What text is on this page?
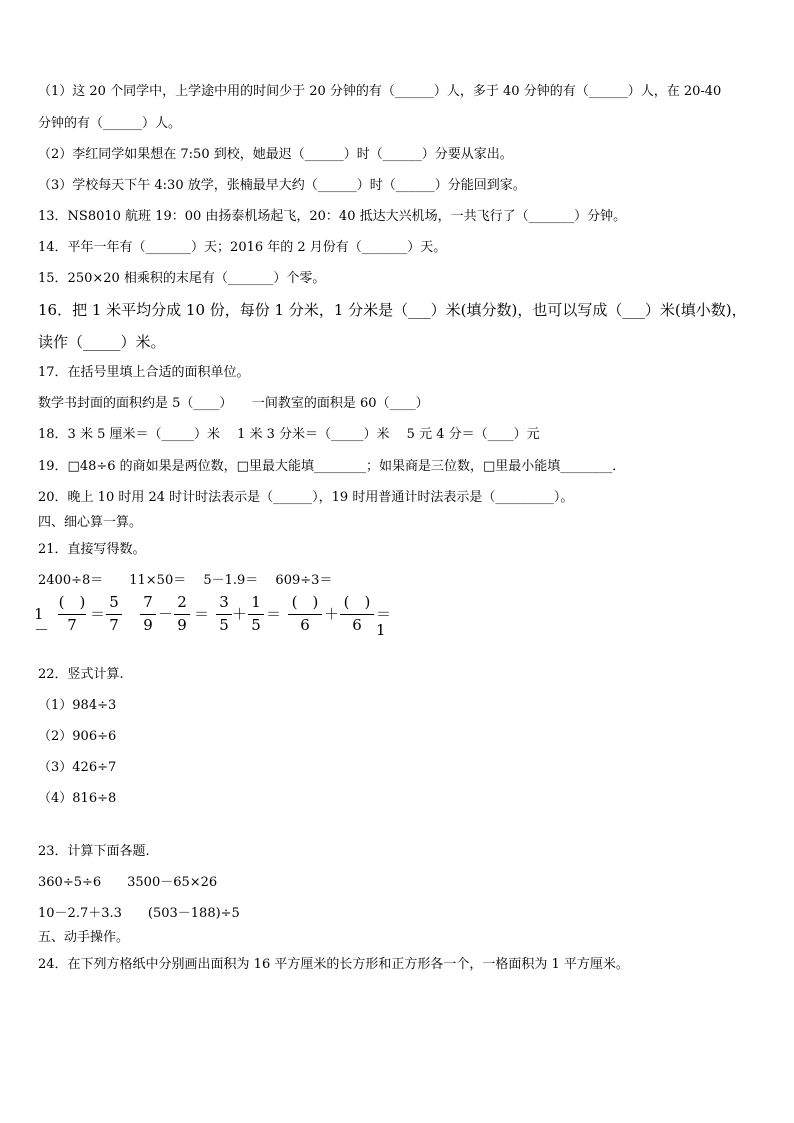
（1）这 20 个同学中，上学途中用的时间少于 20 分钟的有（______）人，多于 40 分钟的有（______）人，在 20-40
分钟的有（______）人。
（2）李红同学如果想在 7:50 到校，她最迟（______）时（______）分要从家出。
（3）学校每天下午 4:30 放学，张楠最早大约（______）时（______）分能回到家。
13．NS8010 航班 19：00 由扬泰机场起飞，20：40 抵达大兴机场，一共飞行了（_______）分钟。
14．平年一年有（_______）天；2016 年的 2 月份有（_______）天。
15．250×20 相乘积的末尾有（_______）个零。
16．把 1 米平均分成 10 份，每份 1 分米，1 分米是（___）米(填分数)，也可以写成（___）米(填小数)，
读作（_____）米。
17．在括号里填上合适的面积单位。
数学书封面的面积约是 5（____）　　一间教室的面积是 60（____）
18．3 米 5 厘米＝（_____）米　 1 米 3 分米＝（_____）米　 5 元 4 分＝（____）元
19．□48÷6 的商如果是两位数，□里最大能填________；如果商是三位数，□里最小能填________．
20．晚上 10 时用 24 时计时法表示是（______），19 时用普通计时法表示是（_________）。
四、细心算一算。
21．直接写得数。
2400÷8＝　　11×50＝　 5－1.9＝　 609÷3＝
1－
(　)
7
＝
5
7
7
9
－
2
9
＝
3
5
＋
1
5
＝
(　)
6
＋
(　)
6
＝1
22．竖式计算.
（1）984÷3
（2）906÷6
（3）426÷7
（4）816÷8
23．计算下面各题.
360÷5÷6　　3500－65×26
10－2.7＋3.3　　(503－188)÷5
五、动手操作。
24．在下列方格纸中分别画出面积为 16 平方厘米的长方形和正方形各一个，一格面积为 1 平方厘米。
